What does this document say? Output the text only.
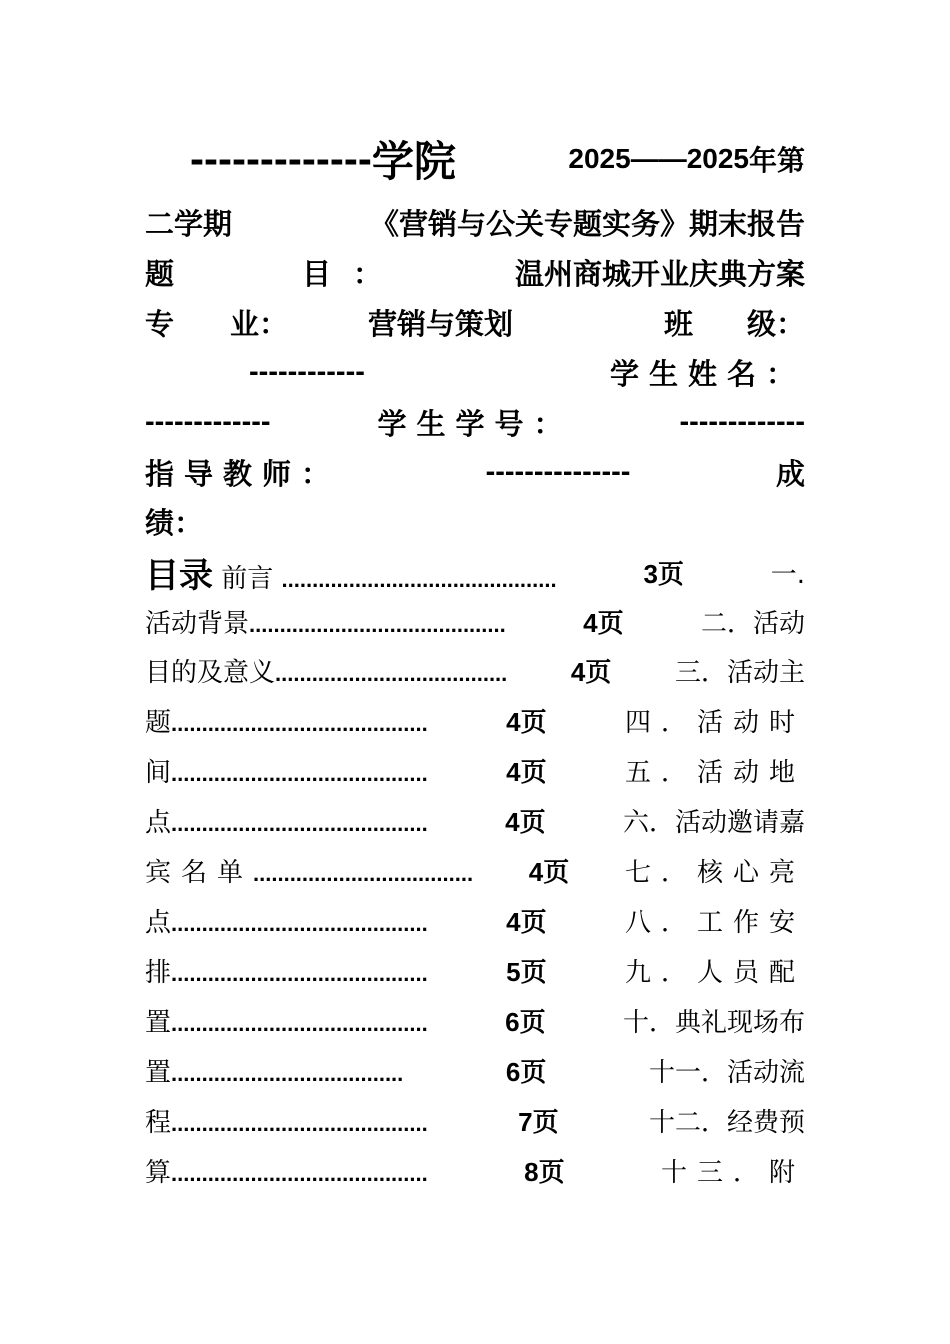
------------- 学院	2025——2025 年第
二学期	《营销与公关专题实务》期末报告
题	目 ：	温州商城开业庆典方案
专 业：	营销与策划	班 级：
------------	学生姓名：
-------------	学生学号：	-------------
指导教师：	---------------	成
绩：
目录 前言 .............................................	3页	一.
活动背景..........................................	4页	二．活动
目的及意义...................................... 4页 三．活动主
题..........................................	4页	四．活动时
间..........................................	4页	五．活动地
点..........................................	4页	六．活动邀请嘉
宾名单.................................... 4页 七．核心亮
点..........................................	4页	八．工作安
排..........................................	5页	九．人员配
置..........................................	6页	十．典礼现场布
置......................................	6页	十一．活动流
程..........................................	7页	十二．经费预
算..........................................	8页	十三．附
